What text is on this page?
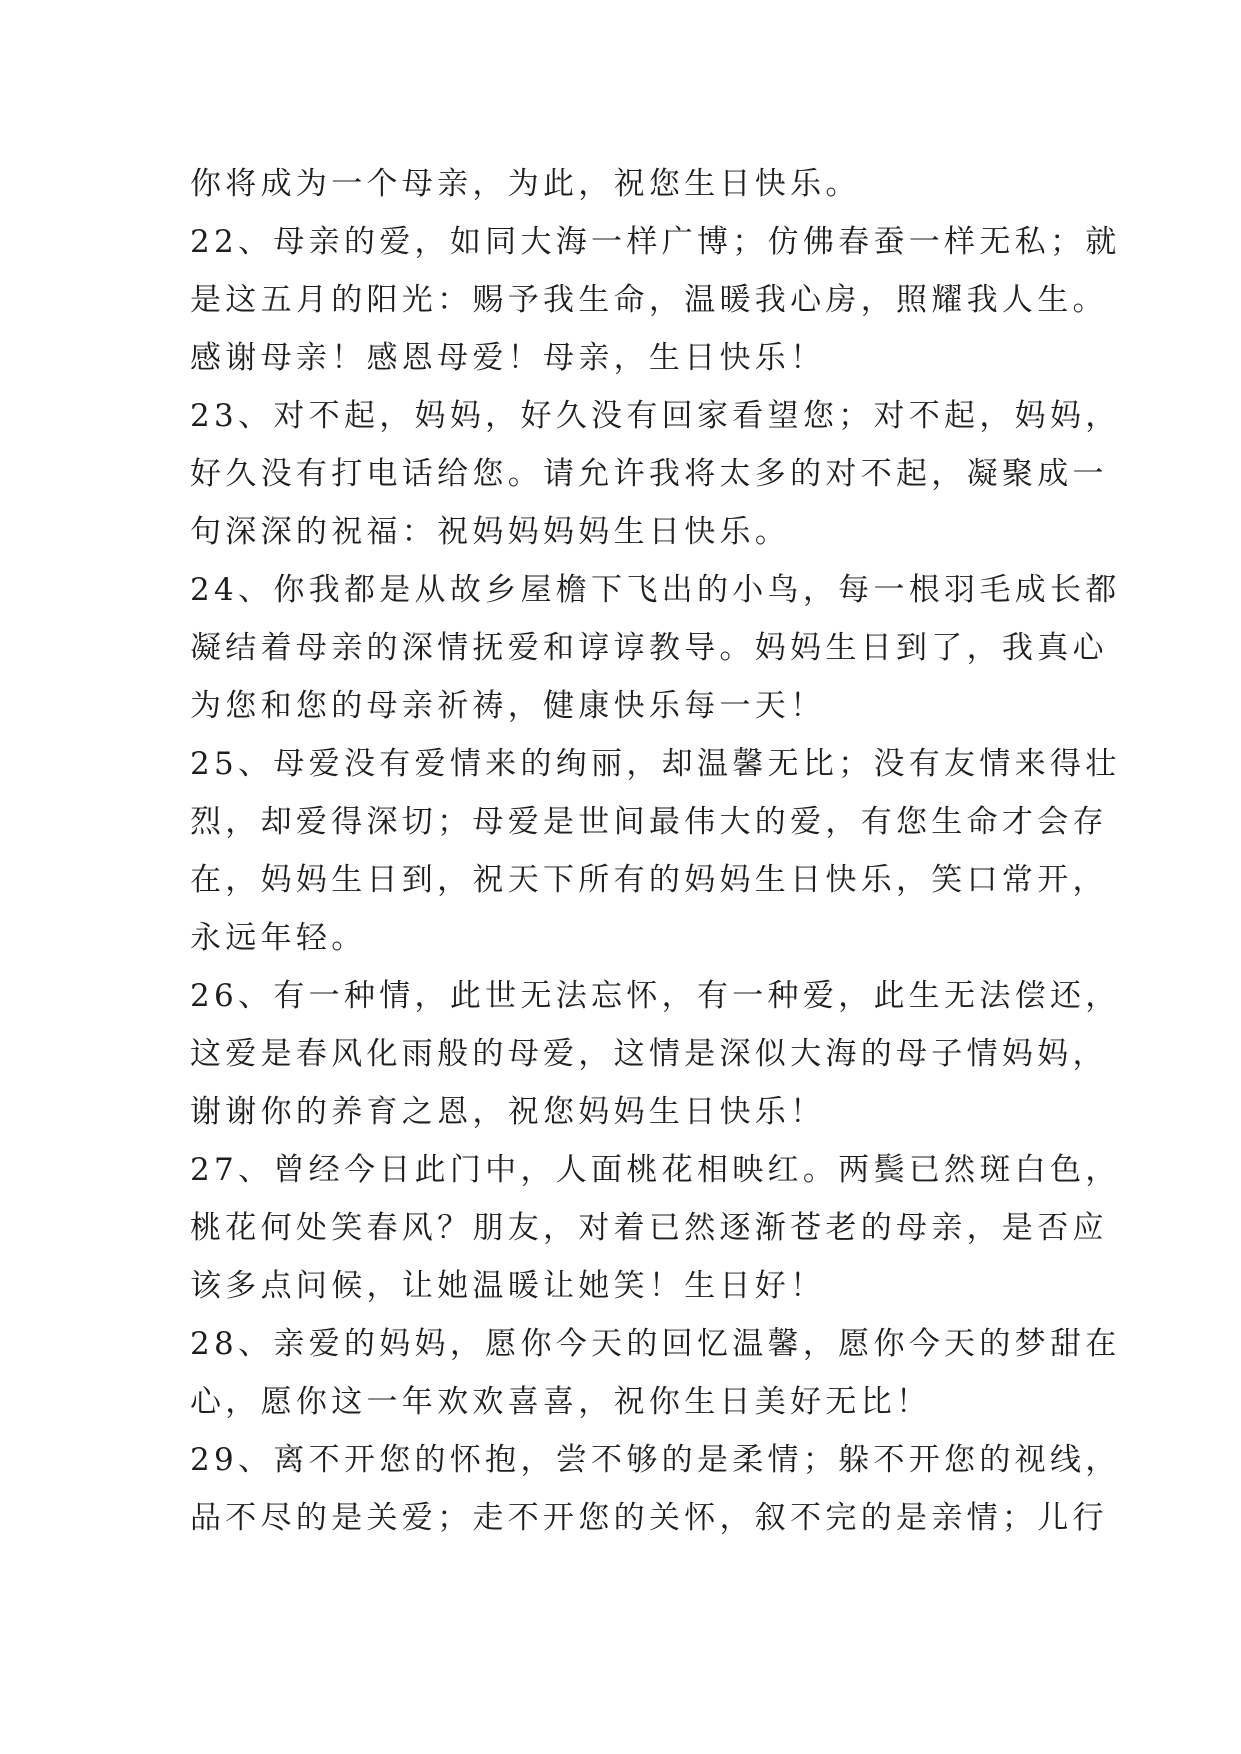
你将成为一个母亲，为此，祝您生日快乐。
22、母亲的爱，如同大海一样广博；仿佛春蚕一样无私；就
是这五月的阳光：赐予我生命，温暖我心房，照耀我人生。
感谢母亲！感恩母爱！母亲，生日快乐！
23、对不起，妈妈，好久没有回家看望您；对不起，妈妈，
好久没有打电话给您。请允许我将太多的对不起，凝聚成一
句深深的祝福：祝妈妈妈妈生日快乐。
24、你我都是从故乡屋檐下飞出的小鸟，每一根羽毛成长都
凝结着母亲的深情抚爱和谆谆教导。妈妈生日到了，我真心
为您和您的母亲祈祷，健康快乐每一天！
25、母爱没有爱情来的绚丽，却温馨无比；没有友情来得壮
烈，却爱得深切；母爱是世间最伟大的爱，有您生命才会存
在，妈妈生日到，祝天下所有的妈妈生日快乐，笑口常开，
永远年轻。
26、有一种情，此世无法忘怀，有一种爱，此生无法偿还，
这爱是春风化雨般的母爱，这情是深似大海的母子情妈妈，
谢谢你的养育之恩，祝您妈妈生日快乐！
27、曾经今日此门中，人面桃花相映红。两鬓已然斑白色，
桃花何处笑春风？朋友，对着已然逐渐苍老的母亲，是否应
该多点问候，让她温暖让她笑！生日好！
28、亲爱的妈妈，愿你今天的回忆温馨，愿你今天的梦甜在
心，愿你这一年欢欢喜喜，祝你生日美好无比！
29、离不开您的怀抱，尝不够的是柔情；躲不开您的视线，
品不尽的是关爱；走不开您的关怀，叙不完的是亲情；儿行
